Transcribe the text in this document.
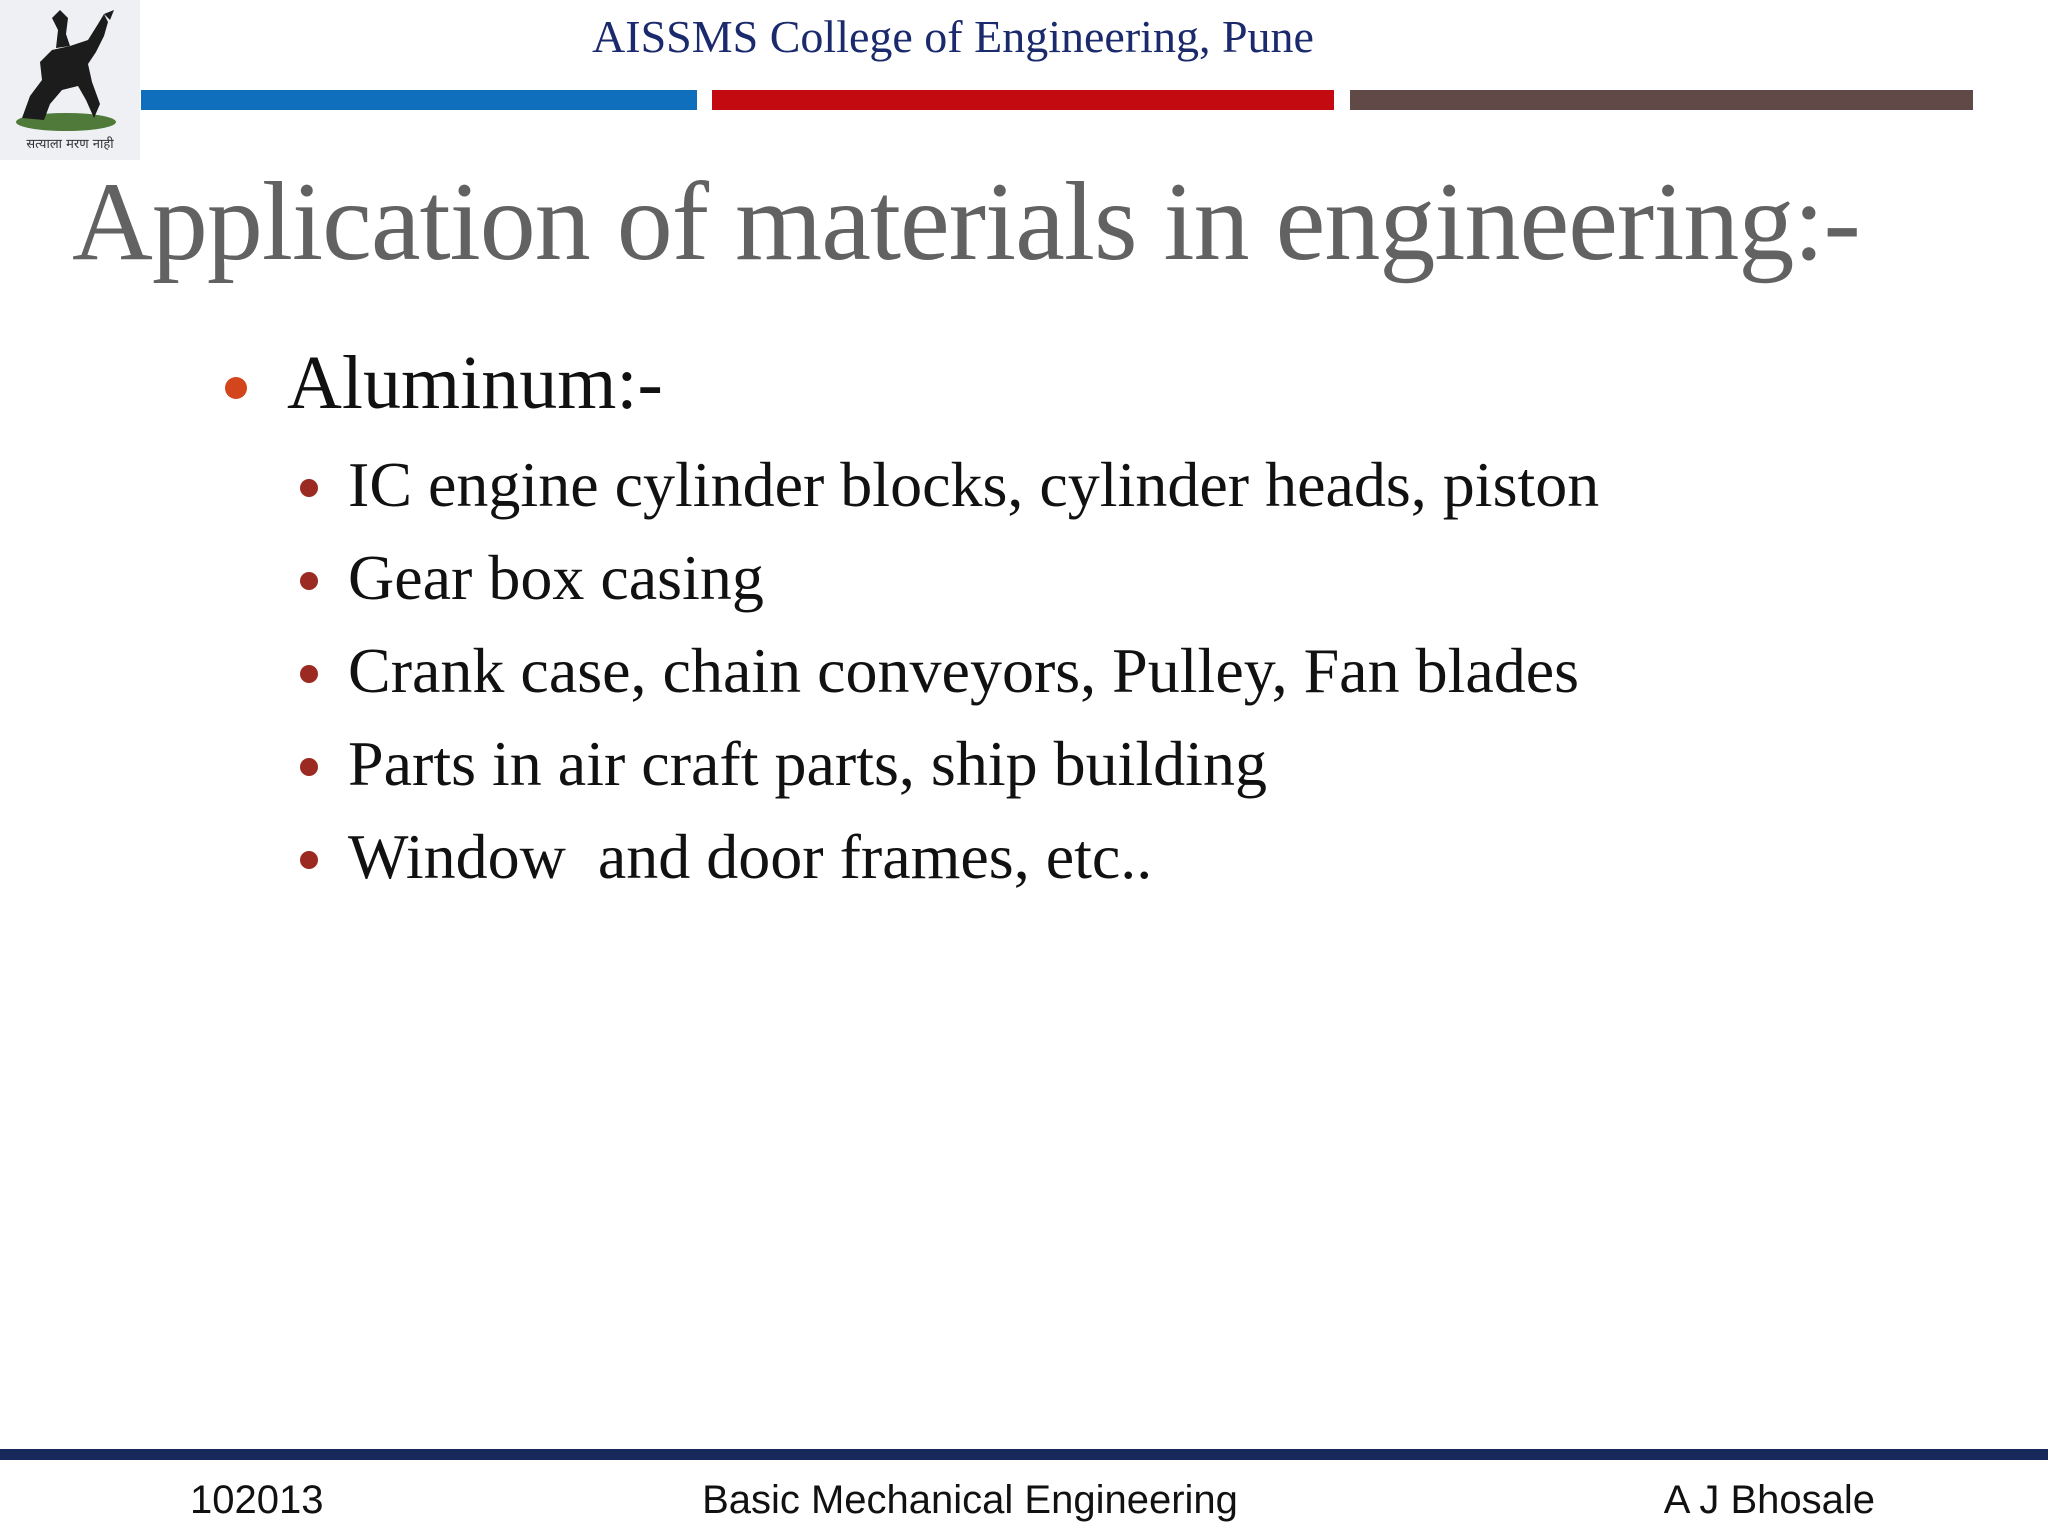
सत्याला मरण नाही
AISSMS College of Engineering, Pune
Application of materials in engineering:-
Aluminum:-
IC engine cylinder blocks, cylinder heads, piston
Gear box casing
Crank case, chain conveyors, Pulley, Fan blades
Parts in air craft parts, ship building
Window  and door frames, etc..
102013	Basic Mechanical Engineering	A J Bhosale
